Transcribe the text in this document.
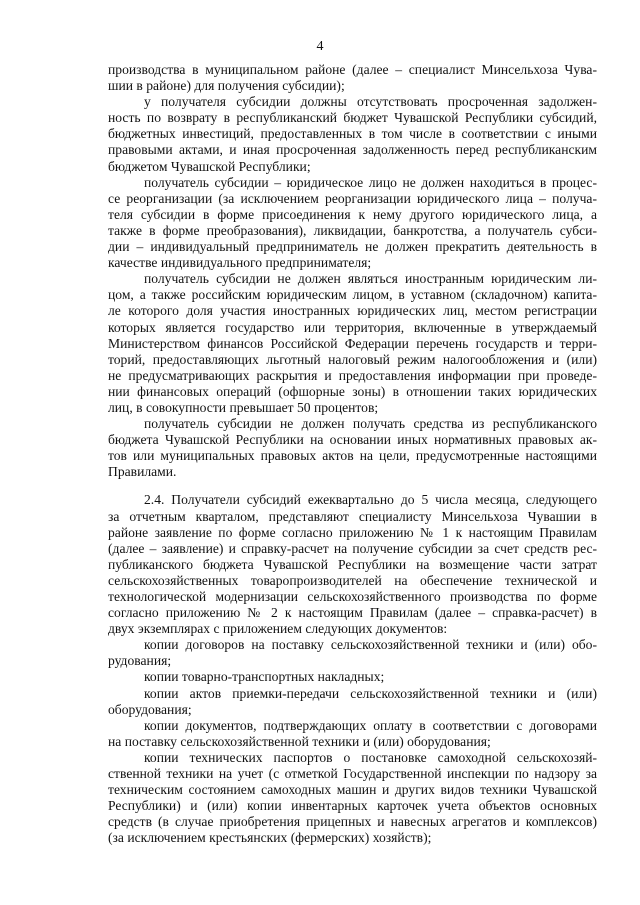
4
производства в муниципальном районе (далее – специалист Минсельхоза Чува-
шии в районе) для получения субсидии);
у получателя субсидии должны отсутствовать просроченная задолжен-
ность по возврату в республиканский бюджет Чувашской Республики субсидий,
бюджетных инвестиций, предоставленных в том числе в соответствии с иными
правовыми актами, и иная просроченная задолженность перед республиканским
бюджетом Чувашской Республики;
получатель субсидии – юридическое лицо не должен находиться в процес-
се реорганизации (за исключением реорганизации юридического лица – получа-
теля субсидии в форме присоединения к нему другого юридического лица, а
также в форме преобразования), ликвидации, банкротства, а получатель субси-
дии – индивидуальный предприниматель не должен прекратить деятельность в
качестве индивидуального предпринимателя;
получатель субсидии не должен являться иностранным юридическим ли-
цом, а также российским юридическим лицом, в уставном (складочном) капита-
ле которого доля участия иностранных юридических лиц, местом регистрации
которых является государство или территория, включенные в утверждаемый
Министерством финансов Российской Федерации перечень государств и терри-
торий, предоставляющих льготный налоговый режим налогообложения и (или)
не предусматривающих раскрытия и предоставления информации при проведе-
нии финансовых операций (офшорные зоны) в отношении таких юридических
лиц, в совокупности превышает 50 процентов;
получатель субсидии не должен получать средства из республиканского
бюджета Чувашской Республики на основании иных нормативных правовых ак-
тов или муниципальных правовых актов на цели, предусмотренные настоящими
Правилами.
2.4. Получатели субсидий ежеквартально до 5 числа месяца, следующего
за отчетным кварталом, представляют специалисту Минсельхоза Чувашии в
районе заявление по форме согласно приложению № 1 к настоящим Правилам
(далее – заявление) и справку-расчет на получение субсидии за счет средств рес-
публиканского бюджета Чувашской Республики на возмещение части затрат
сельскохозяйственных товаропроизводителей на обеспечение технической и
технологической модернизации сельскохозяйственного производства по форме
согласно приложению № 2 к настоящим Правилам (далее – справка-расчет) в
двух экземплярах с приложением следующих документов:
копии договоров на поставку сельскохозяйственной техники и (или) обо-
рудования;
копии товарно-транспортных накладных;
копии актов приемки-передачи сельскохозяйственной техники и (или)
оборудования;
копии документов, подтверждающих оплату в соответствии с договорами
на поставку сельскохозяйственной техники и (или) оборудования;
копии технических паспортов о постановке самоходной сельскохозяй-
ственной техники на учет (с отметкой Государственной инспекции по надзору за
техническим состоянием самоходных машин и других видов техники Чувашской
Республики) и (или) копии инвентарных карточек учета объектов основных
средств (в случае приобретения прицепных и навесных агрегатов и комплексов)
(за исключением крестьянских (фермерских) хозяйств);
